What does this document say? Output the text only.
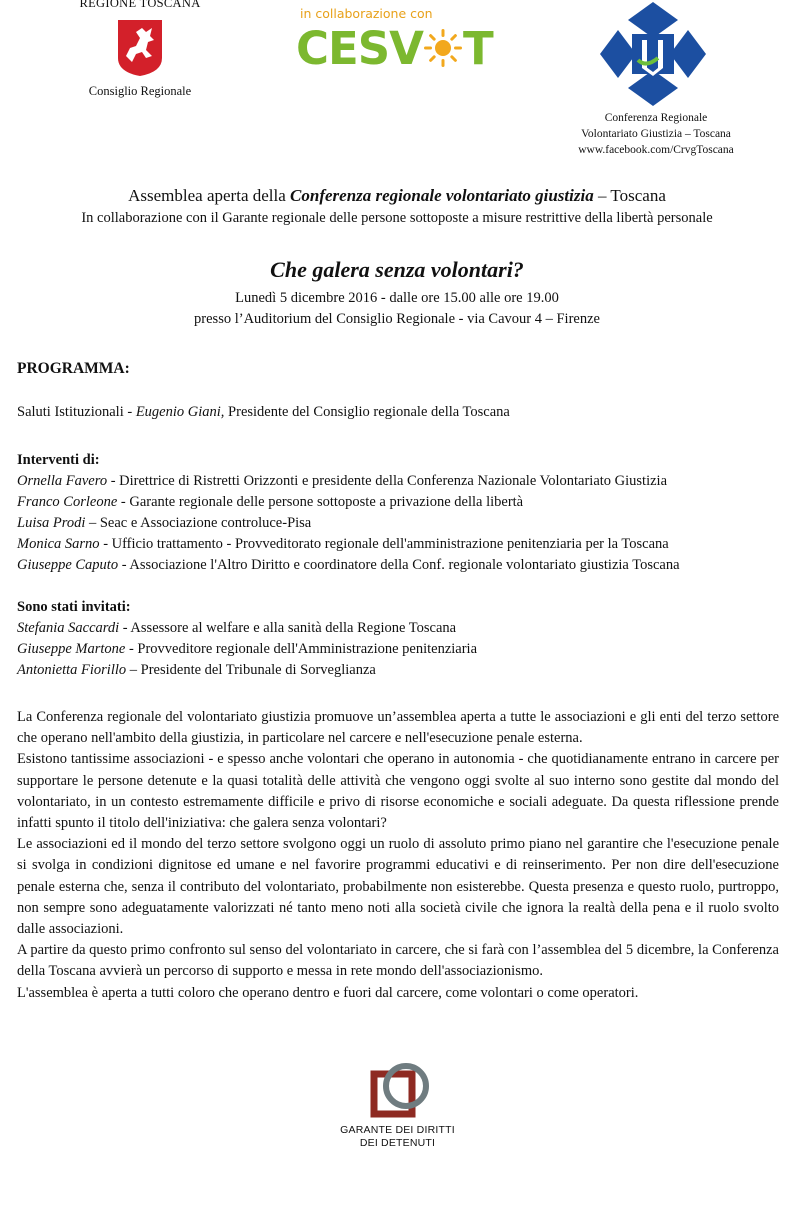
REGIONE TOSCANA
Consiglio Regionale
in collaborazione con
CESV T
Conferenza Regionale
Volontariato Giustizia – Toscana
www.facebook.com/CrvgToscana
Assemblea aperta della Conferenza regionale volontariato giustizia – Toscana
In collaborazione con il Garante regionale delle persone sottoposte a misure restrittive della libertà personale
Che galera senza volontari?
Lunedì 5 dicembre 2016 - dalle ore 15.00 alle ore 19.00
presso l’Auditorium del Consiglio Regionale - via Cavour 4 – Firenze
PROGRAMMA:
Saluti Istituzionali - Eugenio Giani, Presidente del Consiglio regionale della Toscana
Interventi di:
Ornella Favero - Direttrice di Ristretti Orizzonti e presidente della Conferenza Nazionale Volontariato Giustizia
Franco Corleone - Garante regionale delle persone sottoposte a privazione della libertà
Luisa Prodi – Seac e Associazione controluce-Pisa
Monica Sarno - Ufficio trattamento - Provveditorato regionale dell'amministrazione penitenziaria per la Toscana
Giuseppe Caputo - Associazione l'Altro Diritto e coordinatore della Conf. regionale volontariato giustizia Toscana
Sono stati invitati:
Stefania Saccardi - Assessore al welfare e alla sanità della Regione Toscana
Giuseppe Martone - Provveditore regionale dell'Amministrazione penitenziaria
Antonietta Fiorillo – Presidente del Tribunale di Sorveglianza

La Conferenza regionale del volontariato giustizia promuove un’assemblea aperta a tutte le associazioni e gli enti del terzo settore che operano nell'ambito della giustizia, in particolare nel carcere e nell'esecuzione penale esterna.

Esistono tantissime associazioni - e spesso anche volontari che operano in autonomia - che quotidianamente entrano in carcere per supportare le persone detenute e la quasi totalità delle attività che vengono oggi svolte al suo interno sono gestite dal mondo del volontariato, in un contesto estremamente difficile e privo di risorse economiche e sociali adeguate. Da questa riflessione prende infatti spunto il titolo dell'iniziativa: che galera senza volontari?

Le associazioni ed il mondo del terzo settore svolgono oggi un ruolo di assoluto primo piano nel garantire che l'esecuzione penale si svolga in condizioni dignitose ed umane e nel favorire programmi educativi e di reinserimento. Per non dire dell'esecuzione penale esterna che, senza il contributo del volontariato, probabilmente non esisterebbe. Questa presenza e questo ruolo, purtroppo, non sempre sono adeguatamente valorizzati né tanto meno noti alla società civile che ignora la realtà della pena e il ruolo svolto dalle associazioni.

A partire da questo primo confronto sul senso del volontariato in carcere, che si farà con l’assemblea del 5 dicembre, la Conferenza della Toscana avvierà un percorso di supporto e messa in rete mondo dell'associazionismo.

L'assemblea è aperta a tutti coloro che operano dentro e fuori dal carcere, come volontari o come operatori.

GARANTE DEI DIRITTI
DEI DETENUTI
